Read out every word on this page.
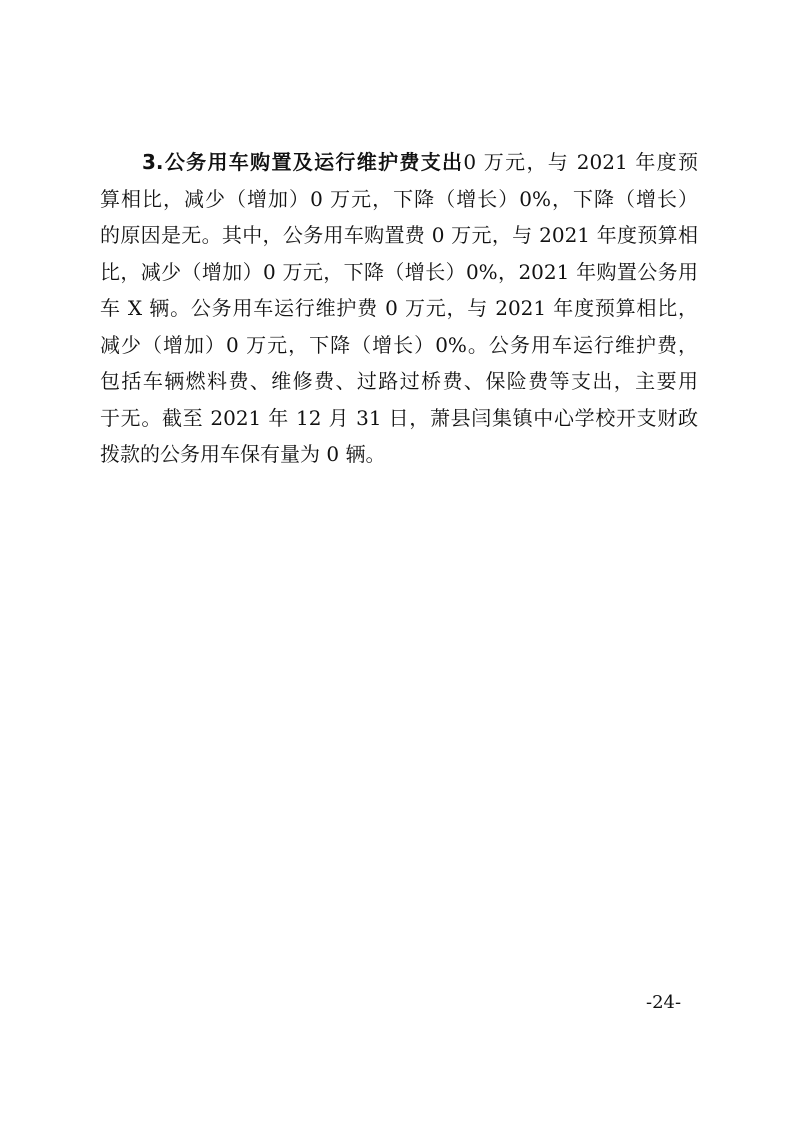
3.公务用车购置及运行维护费支出0 万元，与 2021 年度预
算相比，减少（增加）0 万元，下降（增长）0%，下降（增长）
的原因是无。其中，公务用车购置费 0 万元，与 2021 年度预算相
比，减少（增加）0 万元，下降（增长）0%，2021 年购置公务用
车 X 辆。公务用车运行维护费 0 万元，与 2021 年度预算相比，
减少（增加）0 万元，下降（增长）0%。公务用车运行维护费，
包括车辆燃料费、维修费、过路过桥费、保险费等支出，主要用
于无。截至 2021 年 12 月 31 日，萧县闫集镇中心学校开支财政
拨款的公务用车保有量为 0 辆。
-24-
